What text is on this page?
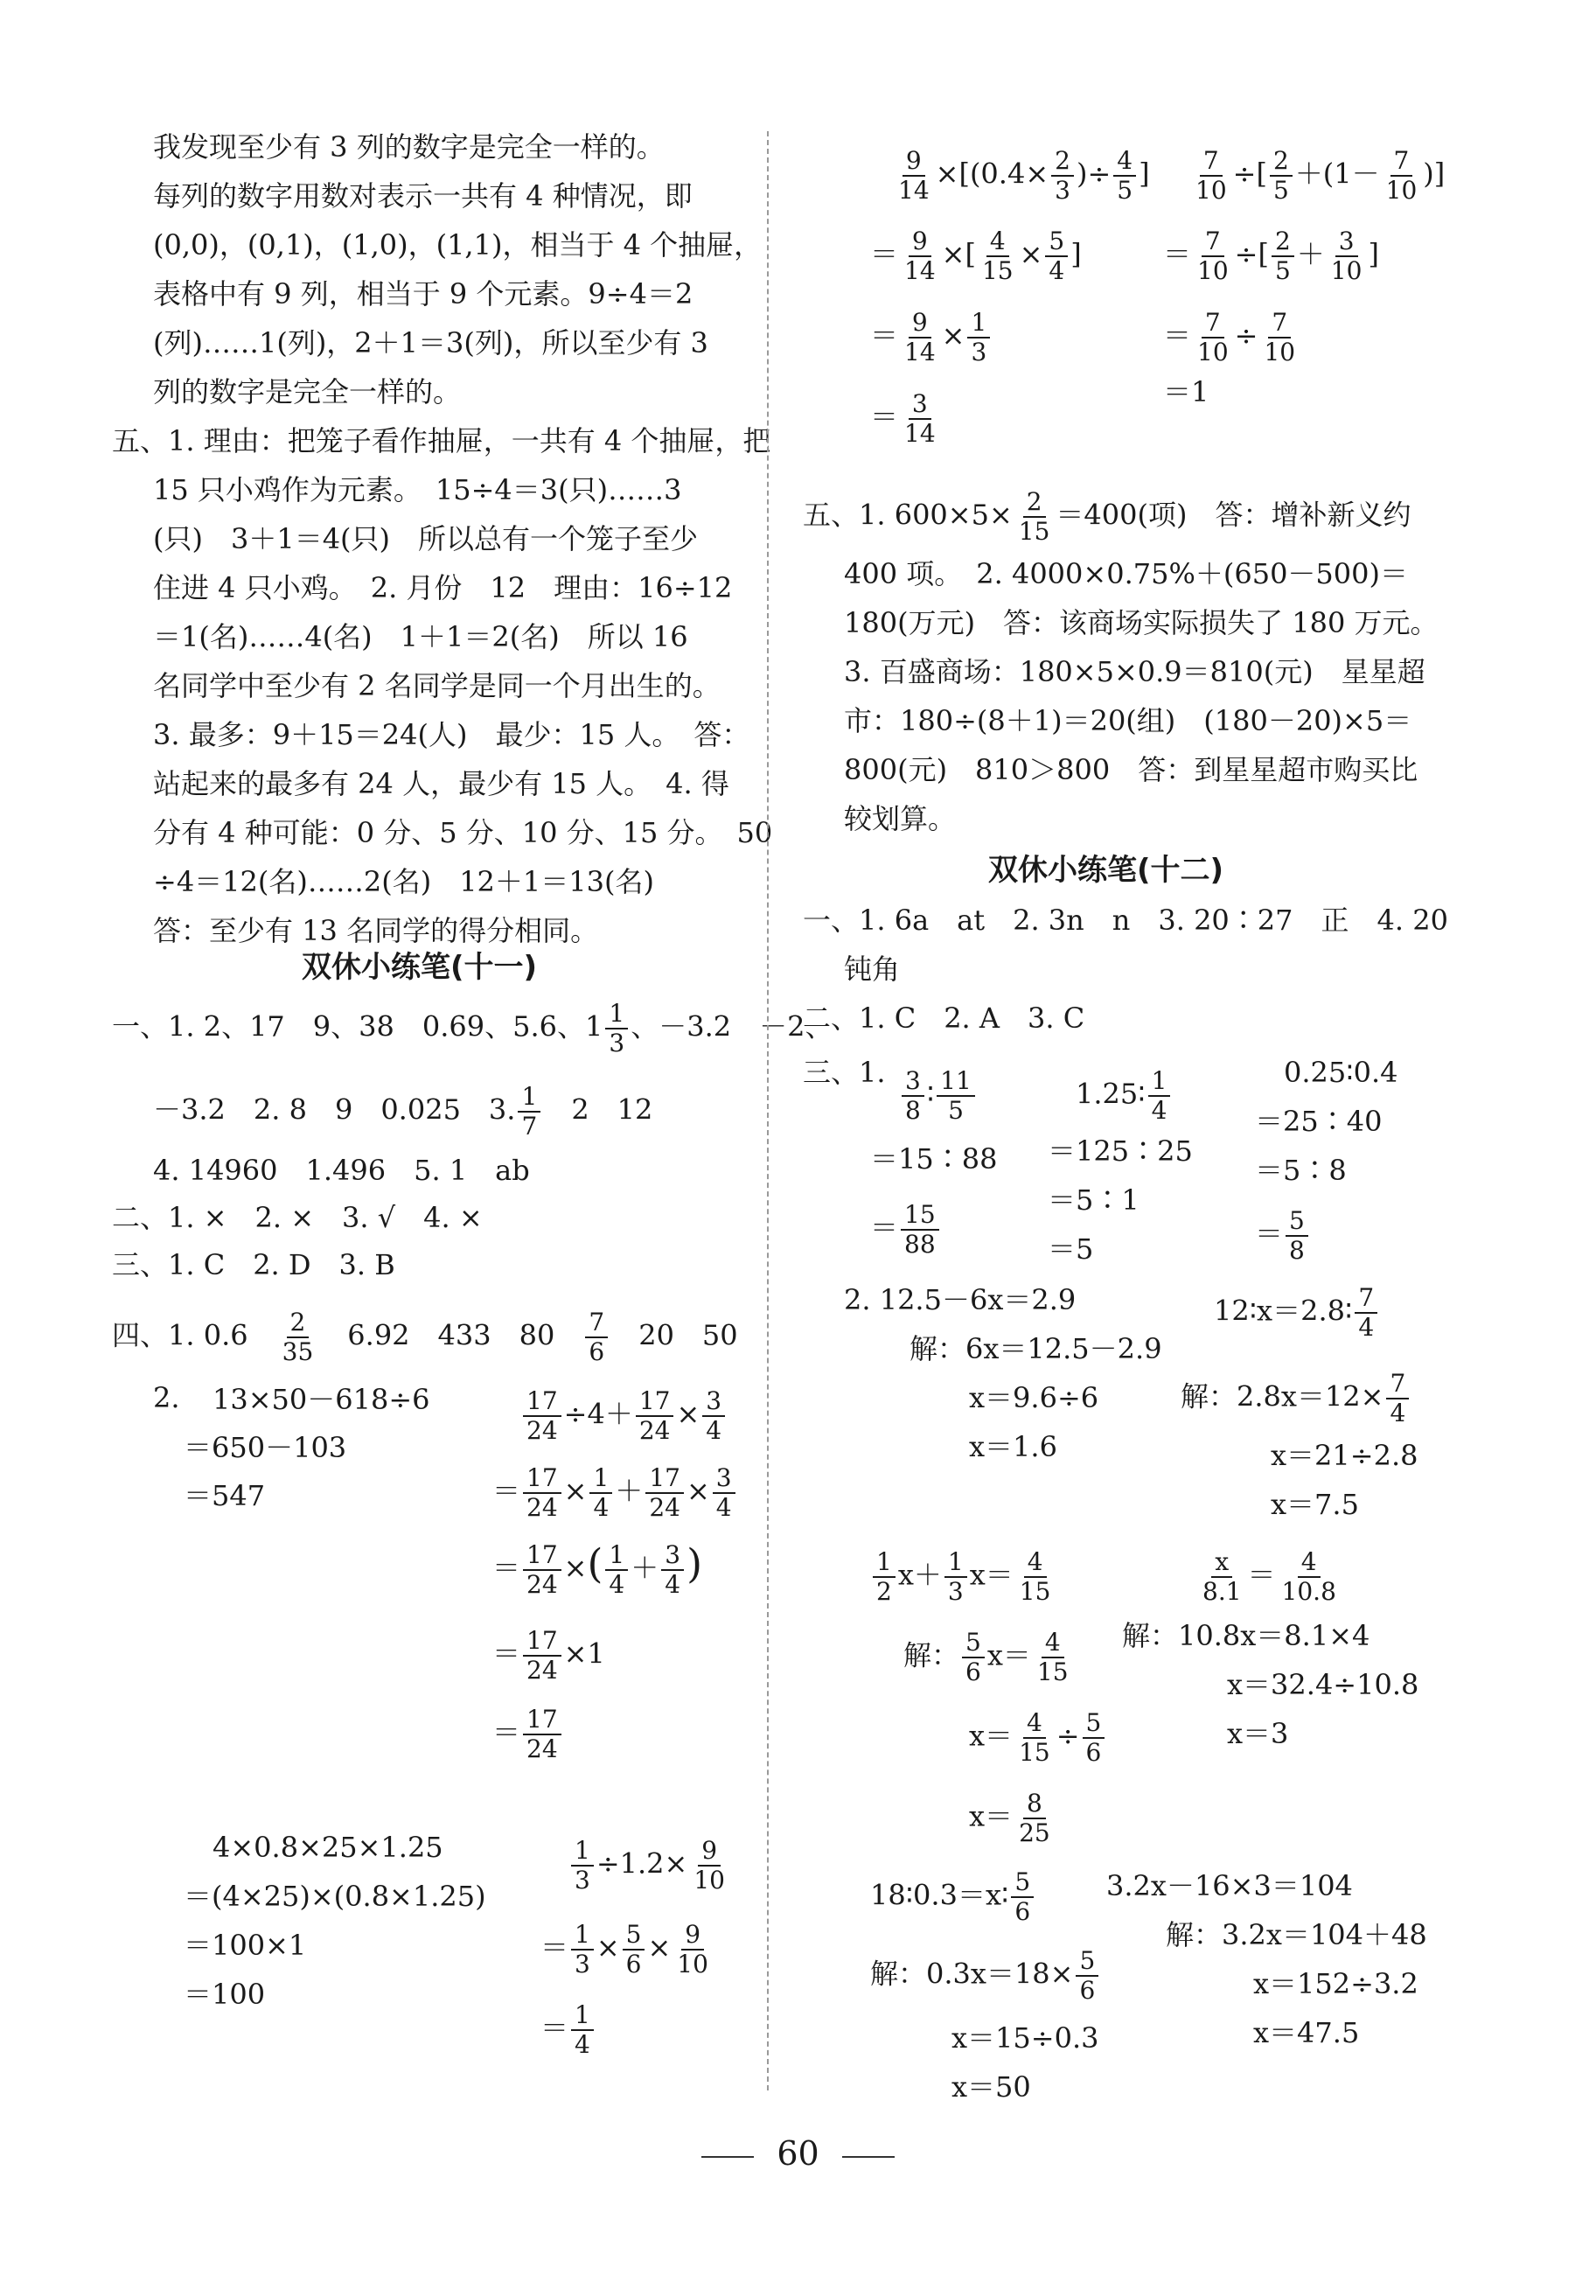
我发现至少有 3 列的数字是完全一样的。
每列的数字用数对表示一共有 4 种情况，即
(0,0)，(0,1)，(1,0)，(1,1)，相当于 4 个抽屉，
表格中有 9 列，相当于 9 个元素。9÷4＝2
(列)……1(列)，2＋1＝3(列)，所以至少有 3
列的数字是完全一样的。
五、1. 理由：把笼子看作抽屉，一共有 4 个抽屉，把
15 只小鸡作为元素。　15÷4＝3(只)……3
(只)　3＋1＝4(只)　所以总有一个笼子至少
住进 4 只小鸡。　2. 月份　12　理由：16÷12
＝1(名)……4(名)　1＋1＝2(名)　所以 16
名同学中至少有 2 名同学是同一个月出生的。
3. 最多：9＋15＝24(人)　最少：15 人。　答：
站起来的最多有 24 人，最少有 15 人。　4. 得
分有 4 种可能：0 分、5 分、10 分、15 分。　50
÷4＝12(名)……2(名)　12＋1＝13(名)
答：至少有 13 名同学的得分相同。
双休小练笔(十一)
一、1. 2、17　9、38　0.69、5.6、$1 \frac{1}{3}$ 、－3.2　－2、
－3.2　2. 8　9　0.025　3. $\frac{1}{7}$
　 2　12
4. 14960　1.496　5. 1　ab
二、1. ×　2. ×　3. √　4. ×
三、1. C　2. D　3. B
四、1. 0.6　 $\frac{2}{35}$
　 6.92　433　80　 $\frac{7}{6}$
　 20　50
2. 13×50－618÷6
＝650－103
＝547
$\frac{17}{24} \div 4+ \frac{17}{24} \times \frac{3}{4}$
＝ $\frac{17}{24} \times \frac{1}{4} + \frac{17}{24} \times \frac{3}{4}$
＝ $\frac{17}{24}$ ×( $\frac{1}{4} + \frac{3}{4}$ )
＝ $\frac{17}{24} \times 1$
＝ $\frac{17}{24}$
4×0.8×25×1.25
＝(4×25)×(0.8×1.25)
＝100×1
＝100
$\frac{1}{3} \div 1.2\times \frac{9}{10}$
＝ $\frac{1}{3} \times \frac{5}{6} \times \frac{9}{10}$
＝ $\frac{1}{4}$
$\frac{9}{14} \times[(0.4\times \frac{2}{3}$ )÷ $\frac{4}{5}$ ]
＝ $\frac{9}{14}$ ×[ $\frac{4}{15} \times \frac{5}{4}$ ]
＝ $\frac{9}{14} \times \frac{1}{3}$
＝ $\frac{3}{14}$
$\frac{7}{10}$ ÷[ $\frac{2}{5} +(1- \frac{7}{10}$ )]
＝ $\frac{7}{10}$ ÷[ $\frac{2}{5} + \frac{3}{10}$ ]
＝ $\frac{7}{10} \div \frac{7}{10}$
＝1
五、1. $600\times 5\times \frac{2}{15} =400$(项)　答：增补新义约
400 项。　2. 4000×0.75%＋(650－500)＝
180(万元)　答：该商场实际损失了 180 万元。
3. 百盛商场：180×5×0.9＝810(元)　星星超
市：180÷(8＋1)＝20(组)　(180－20)×5＝
800(元)　810＞800　答：到星星超市购买比
较划算。
双休小练笔(十二)
一、1. 6a　at　2. 3n　n　3. 20∶27　正　4. 20
钝角
二、1. C　2. A　3. C
三、1. $\frac{3}{8}$ ∶ $\frac{11}{5}$
＝15∶88
＝ $\frac{15}{88}$
1.25∶ $\frac{1}{4}$
＝125∶25
＝5∶1
＝5
0.25∶0.4
＝25∶40
＝5∶8
＝ $\frac{5}{8}$
2. 12.5－6x＝2.9
解：6x＝12.5－2.9
x＝9.6÷6
x＝1.6
12∶x＝2.8∶ $\frac{7}{4}$
解：$2.8x=12\times \frac{7}{4}$
x＝21÷2.8
x＝7.5
$\frac{1}{2} x+ \frac{1}{3} x= \frac{4}{15}$
解： $\frac{5}{6} x= \frac{4}{15}$
$x= \frac{4}{15} \div \frac{5}{6}$
$x= \frac{8}{25}$
$\frac{x}{8.1} = \frac{4}{10.8}$
解：10.8x＝8.1×4
x＝32.4÷10.8
x＝3
18∶0.3＝x∶ $\frac{5}{6}$
解：$0.3x=18\times \frac{5}{6}$
x＝15÷0.3
x＝50
3.2x－16×3＝104
解：3.2x＝104＋48
x＝152÷3.2
x＝47.5
60
